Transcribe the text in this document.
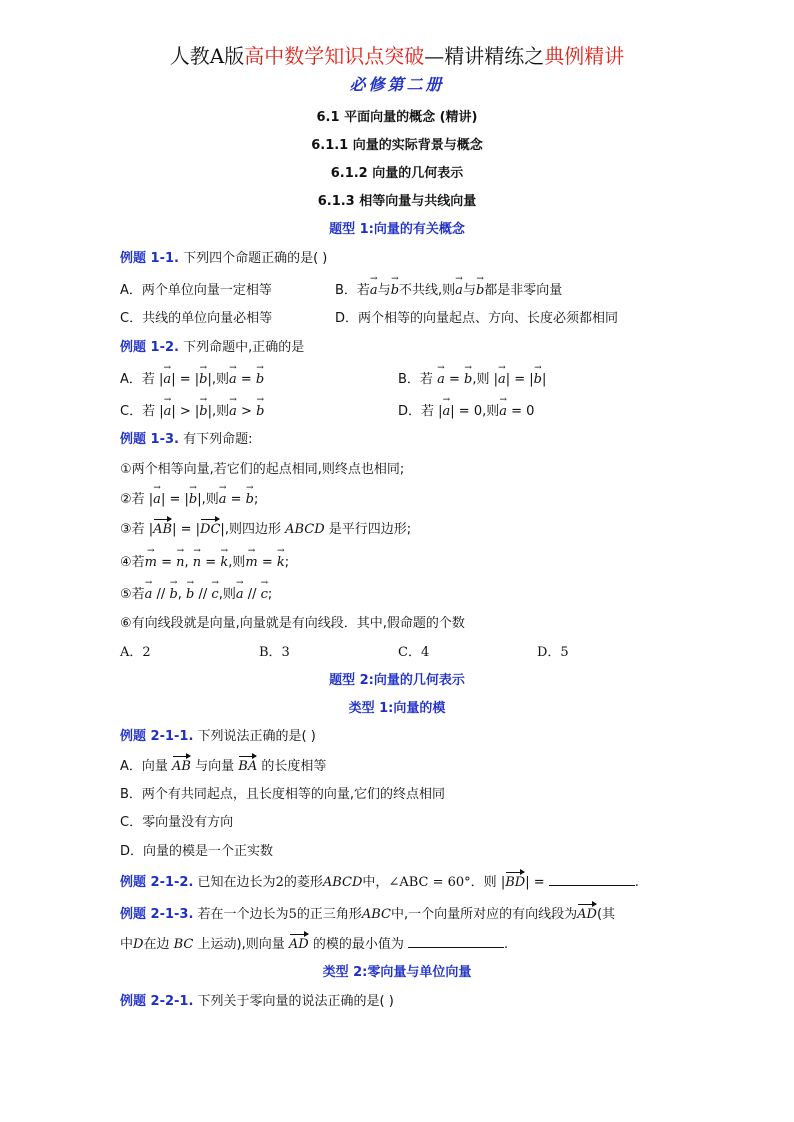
人教A版高中数学知识点突破—精讲精练之典例精讲
必修第二册
6.1 平面向量的概念 (精讲)
6.1.1 向量的实际背景与概念
6.1.2 向量的几何表示
6.1.3 相等向量与共线向量
题型 1:向量的有关概念
例题 1-1. 下列四个命题正确的是( )
A．两个单位向量一定相等	B．若→ a与→ b不共线,则→ a与→ b都是非零向量
C．共线的单位向量必相等	D．两个相等的向量起点、方向、长度必须都相同
例题 1-2. 下列命题中,正确的是
A．若 |→ a| = |→ b|,则→ a = → b	B．若 → a = → b,则 |→ a| = |→ b|
C．若 |→ a| > |→ b|,则→ a > → b	D．若 |→ a| = 0,则→ a = 0
例题 1-3. 有下列命题:
①两个相等向量,若它们的起点相同,则终点也相同;
②若 |→ a| = |→ b|,则→ a = → b;
③若 |AB| = |DC|,则四边形 ABCD 是平行四边形;
④若→ m = → n, → n = → k,则→ m = → k;
⑤若→ a // → b, → b // → c,则→ a // → c;
⑥有向线段就是向量,向量就是有向线段．其中,假命题的个数
A．2	B．3	C．4	D．5
题型 2:向量的几何表示
类型 1:向量的模
例题 2-1-1. 下列说法正确的是( )
A．向量 AB 与向量 BA 的长度相等
B．两个有共同起点，且长度相等的向量,它们的终点相同
C．零向量没有方向
D．向量的模是一个正实数
例题 2-1-2. 已知在边长为2的菱形ABCD中，∠ABC = 60°．则 |BD| =	.
例题 2-1-3. 若在一个边长为5的正三角形ABC中,一个向量所对应的有向线段为AD(其
中D在边 BC 上运动),则向量 AD 的模的最小值为	.
类型 2:零向量与单位向量
例题 2-2-1. 下列关于零向量的说法正确的是( )
